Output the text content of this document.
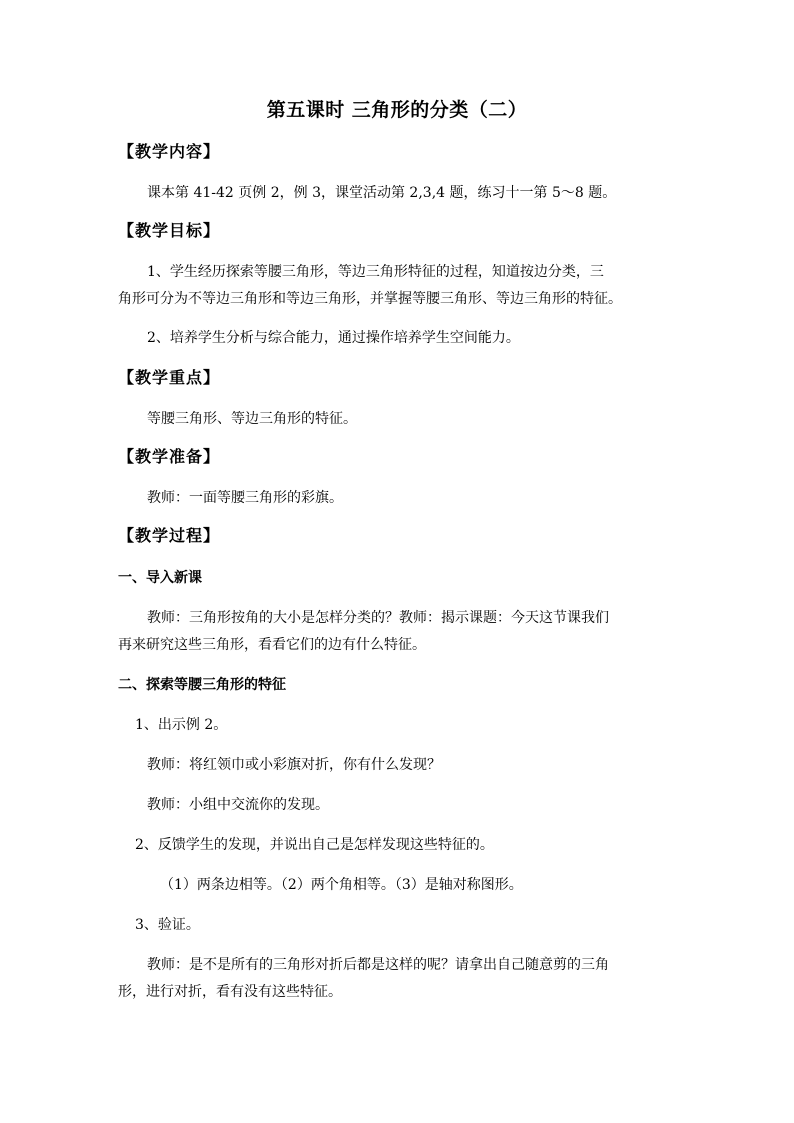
第五课时 三角形的分类（二）
【教学内容】
课本第 41-42 页例 2，例 3，课堂活动第 2,3,4 题，练习十一第 5～8 题。
【教学目标】
1、学生经历探索等腰三角形，等边三角形特征的过程，知道按边分类，三
角形可分为不等边三角形和等边三角形，并掌握等腰三角形、等边三角形的特征。
2、培养学生分析与综合能力，通过操作培养学生空间能力。
【教学重点】
等腰三角形、等边三角形的特征。
【教学准备】
教师：一面等腰三角形的彩旗。
【教学过程】
一、导入新课
教师：三角形按角的大小是怎样分类的？教师：揭示课题：今天这节课我们
再来研究这些三角形，看看它们的边有什么特征。
二、探索等腰三角形的特征
1、出示例 2。
教师：将红领巾或小彩旗对折，你有什么发现？
教师：小组中交流你的发现。
2、反馈学生的发现，并说出自己是怎样发现这些特征的。
（1）两条边相等。（2）两个角相等。（3）是轴对称图形。
3、验证。
教师：是不是所有的三角形对折后都是这样的呢？请拿出自己随意剪的三角
形，进行对折，看有没有这些特征。
